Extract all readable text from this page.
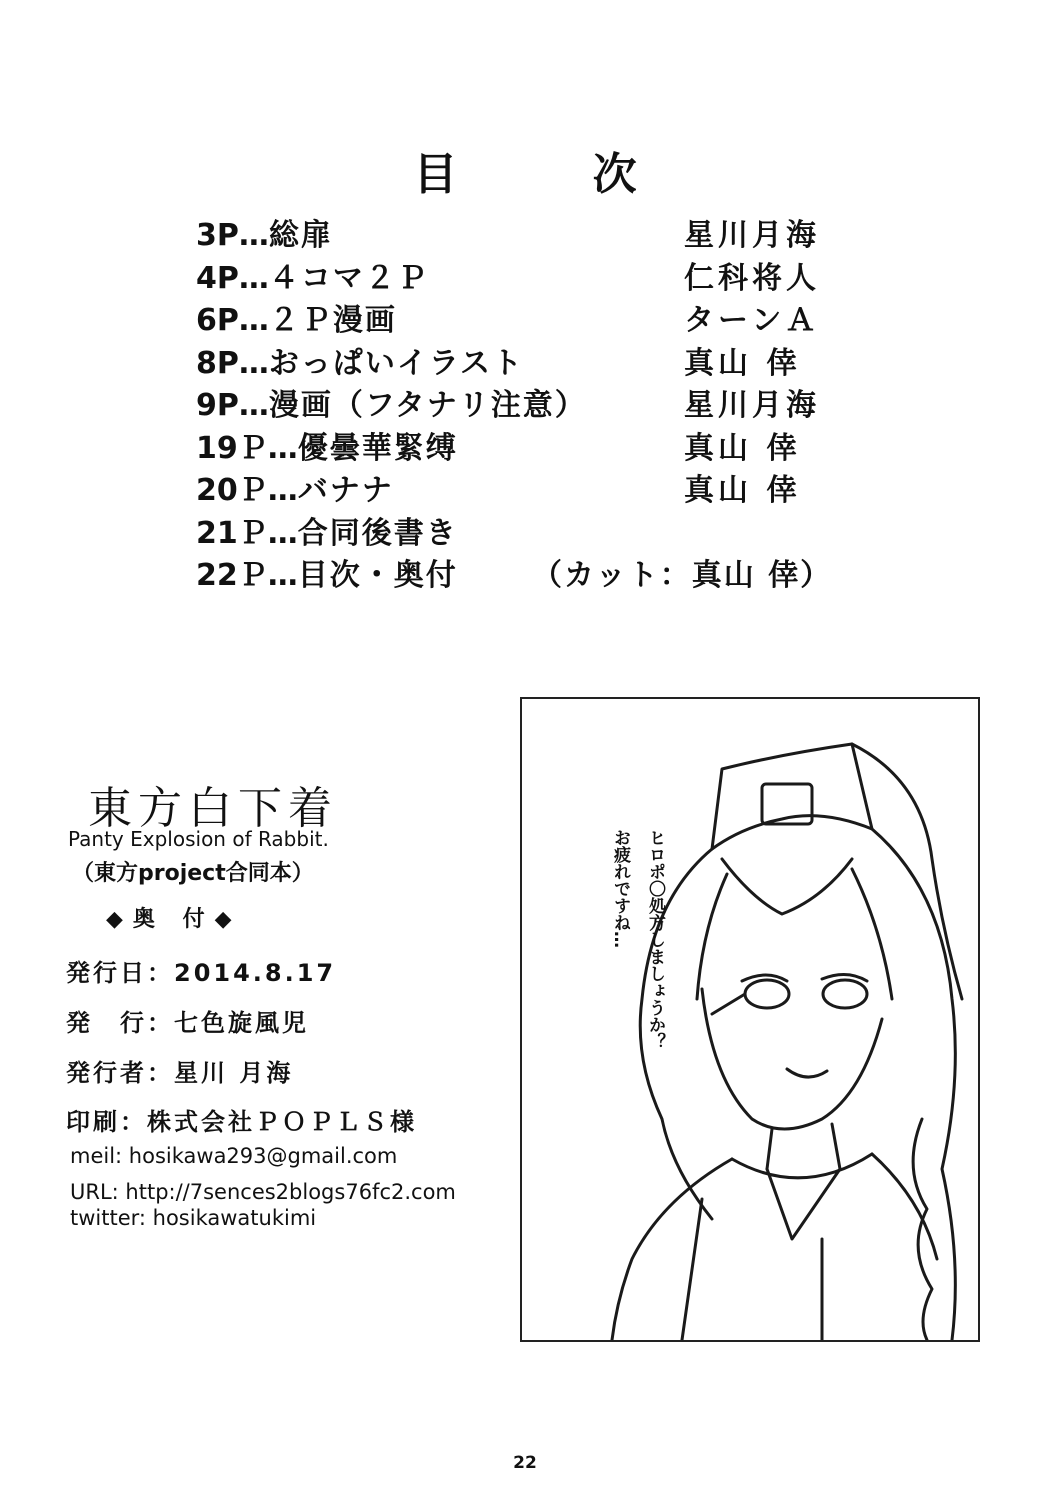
目 次
3P…総扉	星川月海
4P…４コマ２Ｐ	仁科将人
6P…２Ｐ漫画	ターンＡ
8P…おっぱいイラスト	真山 倖
9P…漫画（フタナリ注意）	星川月海
19Ｐ…優曇華緊缚	真山 倖
20Ｐ…バナナ	真山 倖
21Ｐ…合同後書き
22Ｐ…目次・奥付 （カット：真山 倖）
東方白下着
Panty Explosion of Rabbit.
（東方project合同本）
◆奥 付◆
発行日：2014.8.17
発　行：七色旋風児
発行者：星川 月海
印刷：株式会社ＰＯＰＬＳ様
meil: hosikawa293@gmail.com
URL: http://7sences2blogs76fc2.com
twitter: hosikawatukimi
お疲れですね… ヒロポ〇処方しましょうか？
22
